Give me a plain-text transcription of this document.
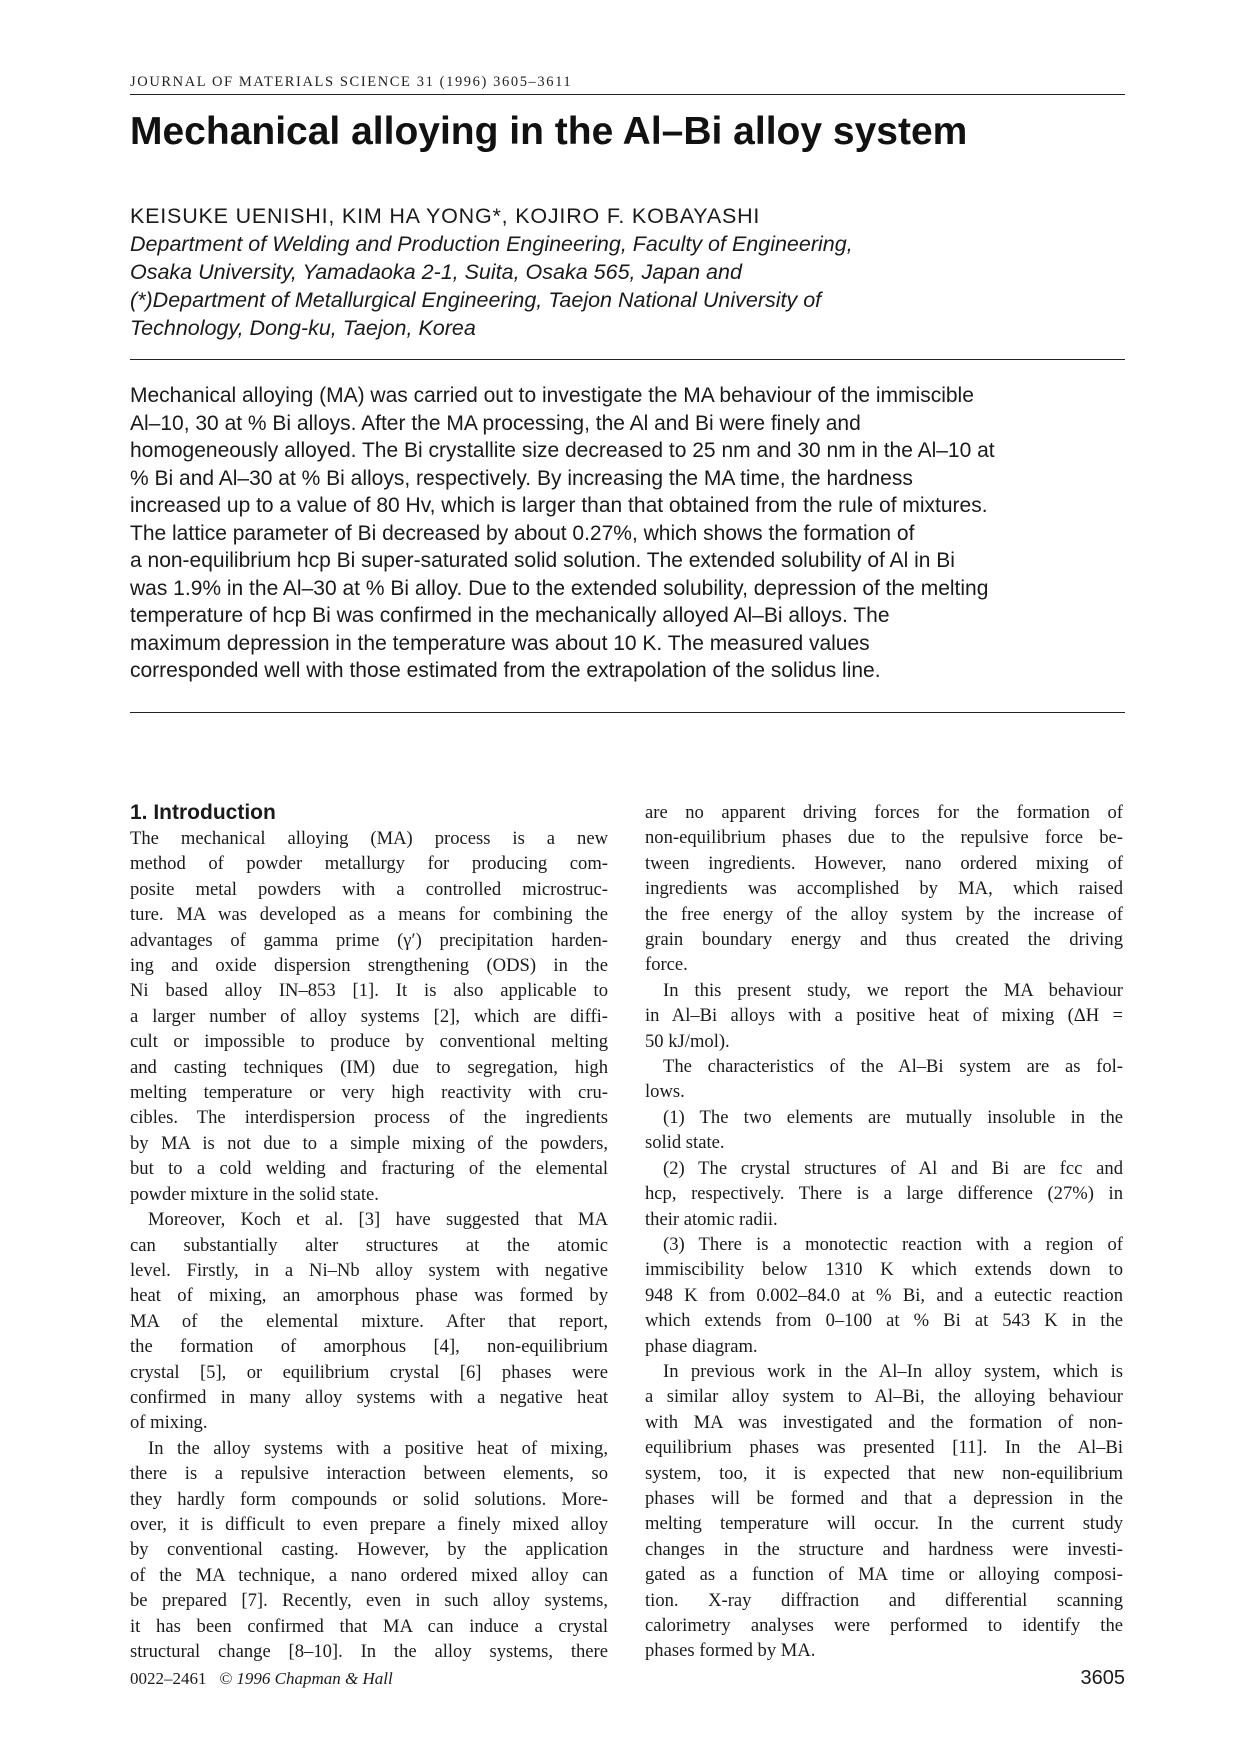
JOURNAL OF MATERIALS SCIENCE 31 (1996) 3605–3611
Mechanical alloying in the Al–Bi alloy system
KEISUKE UENISHI, KIM HA YONG*, KOJIRO F. KOBAYASHI
Department of Welding and Production Engineering, Faculty of Engineering,
Osaka University, Yamadaoka 2-1, Suita, Osaka 565, Japan and
(*)Department of Metallurgical Engineering, Taejon National University of
Technology, Dong-ku, Taejon, Korea
Mechanical alloying (MA) was carried out to investigate the MA behaviour of the immiscible
Al–10, 30 at % Bi alloys. After the MA processing, the Al and Bi were finely and
homogeneously alloyed. The Bi crystallite size decreased to 25 nm and 30 nm in the Al–10 at
% Bi and Al–30 at % Bi alloys, respectively. By increasing the MA time, the hardness
increased up to a value of 80 Hv, which is larger than that obtained from the rule of mixtures.
The lattice parameter of Bi decreased by about 0.27%, which shows the formation of
a non-equilibrium hcp Bi super-saturated solid solution. The extended solubility of Al in Bi
was 1.9% in the Al–30 at % Bi alloy. Due to the extended solubility, depression of the melting
temperature of hcp Bi was confirmed in the mechanically alloyed Al–Bi alloys. The
maximum depression in the temperature was about 10 K. The measured values
corresponded well with those estimated from the extrapolation of the solidus line.
1. Introduction
The mechanical alloying (MA) process is a new
method of powder metallurgy for producing com-
posite metal powders with a controlled microstruc-
ture. MA was developed as a means for combining the
advantages of gamma prime (γ′) precipitation harden-
ing and oxide dispersion strengthening (ODS) in the
Ni based alloy IN–853 [1]. It is also applicable to
a larger number of alloy systems [2], which are diffi-
cult or impossible to produce by conventional melting
and casting techniques (IM) due to segregation, high
melting temperature or very high reactivity with cru-
cibles. The interdispersion process of the ingredients
by MA is not due to a simple mixing of the powders,
but to a cold welding and fracturing of the elemental
powder mixture in the solid state.
Moreover, Koch et al. [3] have suggested that MA
can substantially alter structures at the atomic
level. Firstly, in a Ni–Nb alloy system with negative
heat of mixing, an amorphous phase was formed by
MA of the elemental mixture. After that report,
the formation of amorphous [4], non-equilibrium
crystal [5], or equilibrium crystal [6] phases were
confirmed in many alloy systems with a negative heat
of mixing.
In the alloy systems with a positive heat of mixing,
there is a repulsive interaction between elements, so
they hardly form compounds or solid solutions. More-
over, it is difficult to even prepare a finely mixed alloy
by conventional casting. However, by the application
of the MA technique, a nano ordered mixed alloy can
be prepared [7]. Recently, even in such alloy systems,
it has been confirmed that MA can induce a crystal
structural change [8–10]. In the alloy systems, there
are no apparent driving forces for the formation of
non-equilibrium phases due to the repulsive force be-
tween ingredients. However, nano ordered mixing of
ingredients was accomplished by MA, which raised
the free energy of the alloy system by the increase of
grain boundary energy and thus created the driving
force.
In this present study, we report the MA behaviour
in Al–Bi alloys with a positive heat of mixing (ΔH =
50 kJ/mol).
The characteristics of the Al–Bi system are as fol-
lows.
(1) The two elements are mutually insoluble in the
solid state.
(2) The crystal structures of Al and Bi are fcc and
hcp, respectively. There is a large difference (27%) in
their atomic radii.
(3) There is a monotectic reaction with a region of
immiscibility below 1310 K which extends down to
948 K from 0.002–84.0 at % Bi, and a eutectic reaction
which extends from 0–100 at % Bi at 543 K in the
phase diagram.
In previous work in the Al–In alloy system, which is
a similar alloy system to Al–Bi, the alloying behaviour
with MA was investigated and the formation of non-
equilibrium phases was presented [11]. In the Al–Bi
system, too, it is expected that new non-equilibrium
phases will be formed and that a depression in the
melting temperature will occur. In the current study
changes in the structure and hardness were investi-
gated as a function of MA time or alloying composi-
tion. X-ray diffraction and differential scanning
calorimetry analyses were performed to identify the
phases formed by MA.
0022–2461 © 1996 Chapman & Hall	3605
